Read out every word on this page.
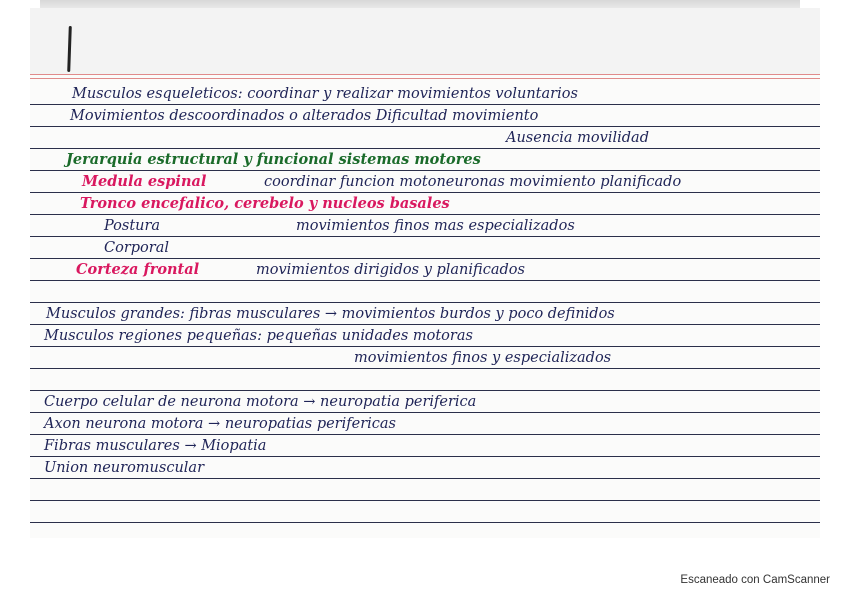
Musculos esqueleticos: coordinar y realizar movimientos voluntarios
Movimientos descoordinados o alterados Dificultad movimiento
Ausencia movilidad
Jerarquia estructural y funcional sistemas motores
Medula espinal	coordinar funcion motoneuronas movimiento planificado
Tronco encefalico, cerebelo y nucleos basales
Postura	movimientos finos mas especializados
Corporal
Corteza frontal	movimientos dirigidos y planificados
Musculos grandes: fibras musculares → movimientos burdos y poco definidos
Musculos regiones pequeñas: pequeñas unidades motoras
movimientos finos y especializados
Cuerpo celular de neurona motora → neuropatia periferica
Axon neurona motora → neuropatias perifericas
Fibras musculares → Miopatia
Union neuromuscular
Escaneado con CamScanner
